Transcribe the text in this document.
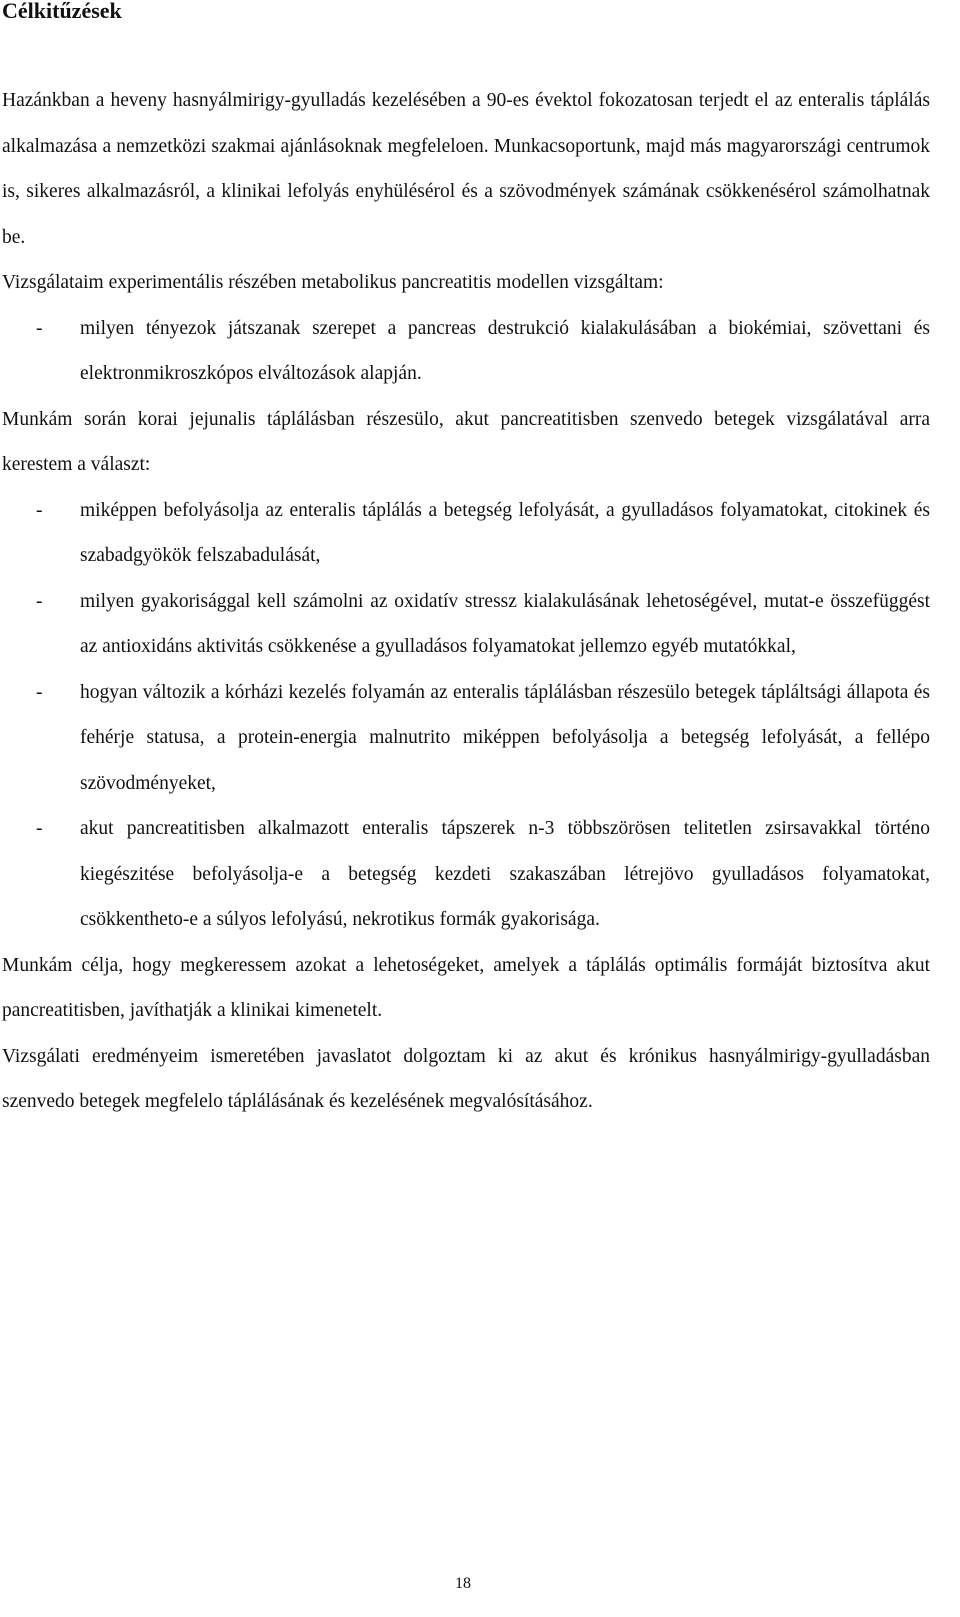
Célkitűzések

Hazánkban a heveny hasnyálmirigy-gyulladás kezelésében a 90-es évektol fokozatosan terjedt el az enteralis táplálás alkalmazása a nemzetközi szakmai ajánlásoknak megfeleloen. Munkacsoportunk, majd más magyarországi centrumok is, sikeres alkalmazásról, a klinikai lefolyás enyhülésérol és a szövodmények számának csökkenésérol számolhatnak be.

Vizsgálataim experimentális részében metabolikus pancreatitis modellen vizsgáltam:

- milyen tényezok játszanak szerepet a pancreas destrukció kialakulásában a biokémiai, szövettani és elektronmikroszkópos elváltozások alapján.

Munkám során korai jejunalis táplálásban részesülo, akut pancreatitisben szenvedo betegek vizsgálatával arra kerestem a választ:

- miképpen befolyásolja az enteralis táplálás a betegség lefolyását, a gyulladásos folyamatokat, citokinek és szabadgyökök felszabadulását,
- milyen gyakorisággal kell számolni az oxidatív stressz kialakulásának lehetoségével, mutat-e összefüggést az antioxidáns aktivitás csökkenése a gyulladásos folyamatokat jellemzo egyéb mutatókkal,
- hogyan változik a kórházi kezelés folyamán az enteralis táplálásban részesülo betegek tápláltsági állapota és fehérje statusa, a protein-energia malnutrito miképpen befolyásolja a betegség lefolyását, a fellépo szövodményeket,
- akut pancreatitisben alkalmazott enteralis tápszerek n-3 többszörösen telitetlen zsirsavakkal történo kiegészitése befolyásolja-e a betegség kezdeti szakaszában létrejövo gyulladásos folyamatokat, csökkentheto-e a súlyos lefolyású, nekrotikus formák gyakorisága.

Munkám célja, hogy megkeressem azokat a lehetoségeket, amelyek a táplálás optimális formáját biztosítva akut pancreatitisben, javíthatják a klinikai kimenetelt.

Vizsgálati eredményeim ismeretében javaslatot dolgoztam ki az akut és krónikus hasnyálmirigy-gyulladásban szenvedo betegek megfelelo táplálásának és kezelésének megvalósításához.

18
